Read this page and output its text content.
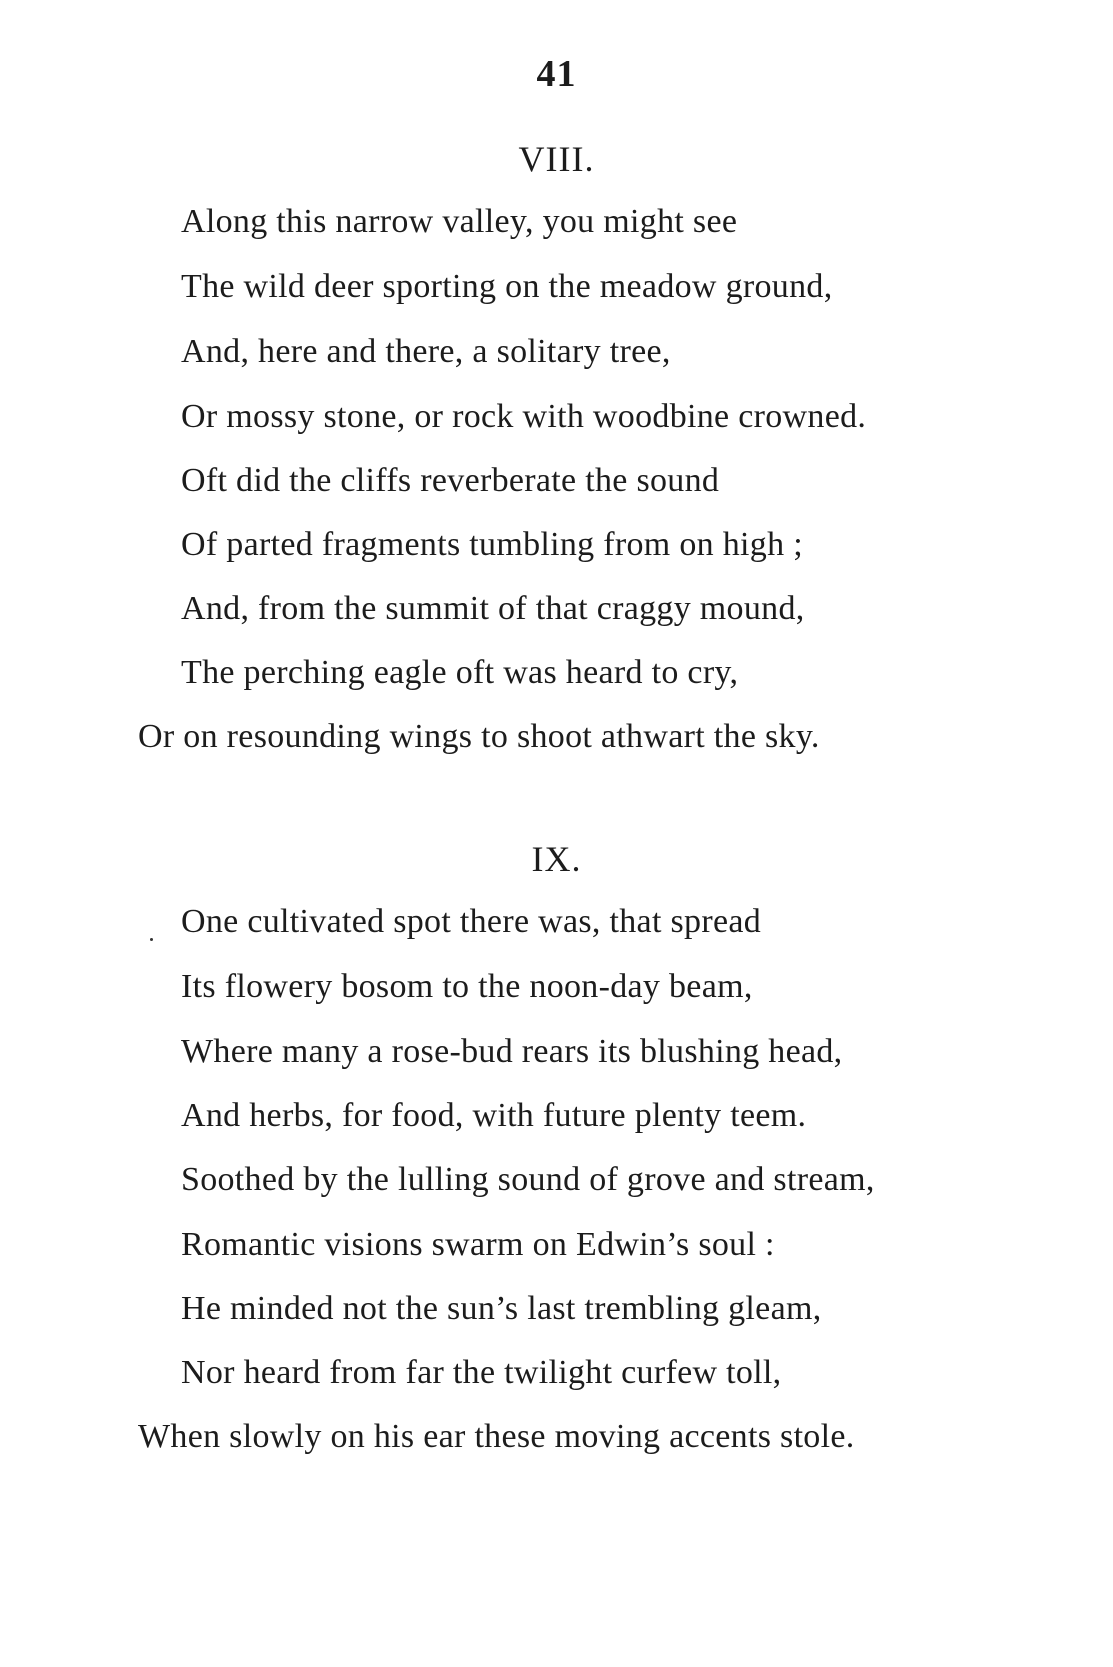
41
VIII.
Along this narrow valley, you might see
The wild deer sporting on the meadow ground,
And, here and there, a solitary tree,
Or mossy stone, or rock with woodbine crowned.
Oft did the cliffs reverberate the sound
Of parted fragments tumbling from on high ;
And, from the summit of that craggy mound,
The perching eagle oft was heard to cry,
Or on resounding wings to shoot athwart the sky.
IX.
One cultivated spot there was, that spread
Its flowery bosom to the noon-day beam,
Where many a rose-bud rears its blushing head,
And herbs, for food, with future plenty teem.
Soothed by the lulling sound of grove and stream,
Romantic visions swarm on Edwin’s soul :
He minded not the sun’s last trembling gleam,
Nor heard from far the twilight curfew toll,
When slowly on his ear these moving accents stole.
